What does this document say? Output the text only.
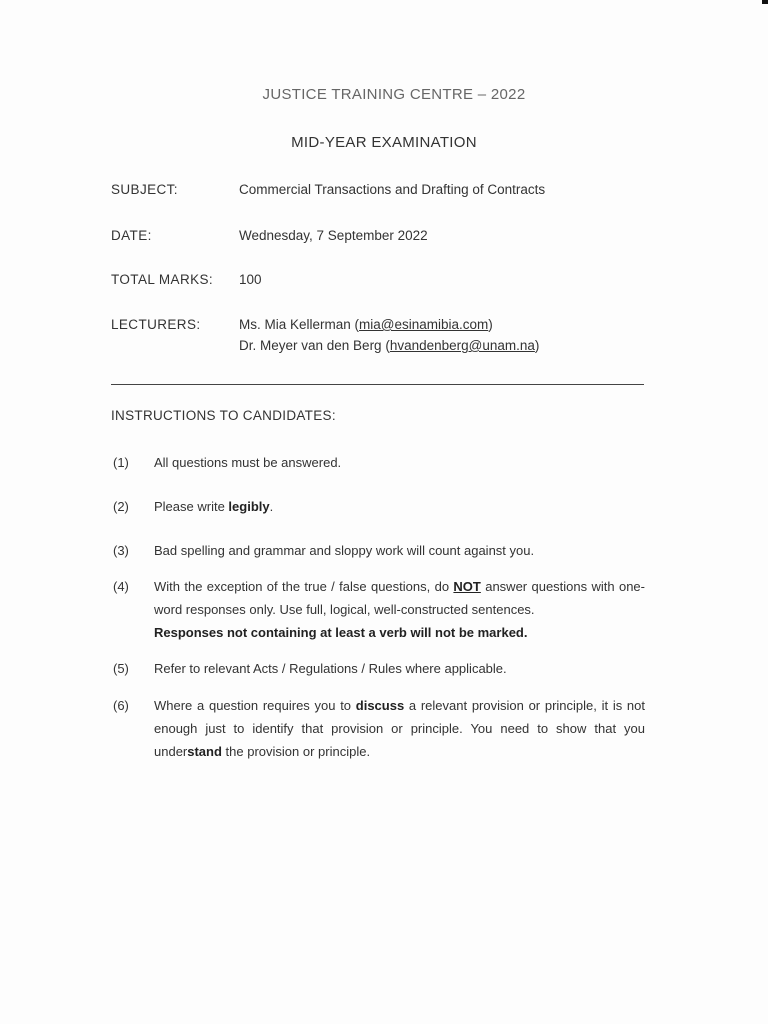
JUSTICE TRAINING CENTRE – 2022
MID-YEAR EXAMINATION
SUBJECT:	Commercial Transactions and Drafting of Contracts
DATE:	Wednesday, 7 September 2022
TOTAL MARKS: 100
LECTURERS:	Ms. Mia Kellerman (mia@esinamibia.com)
Dr. Meyer van den Berg (hvandenberg@unam.na)
INSTRUCTIONS TO CANDIDATES:
(1) All questions must be answered.
(2) Please write legibly.
(3) Bad spelling and grammar and sloppy work will count against you.
(4) With the exception of the true / false questions, do NOT answer questions with one-word responses only. Use full, logical, well-constructed sentences.
Responses not containing at least a verb will not be marked.
(5) Refer to relevant Acts / Regulations / Rules where applicable.
(6) Where a question requires you to discuss a relevant provision or principle, it is not enough just to identify that provision or principle. You need to show that you understand the provision or principle.
